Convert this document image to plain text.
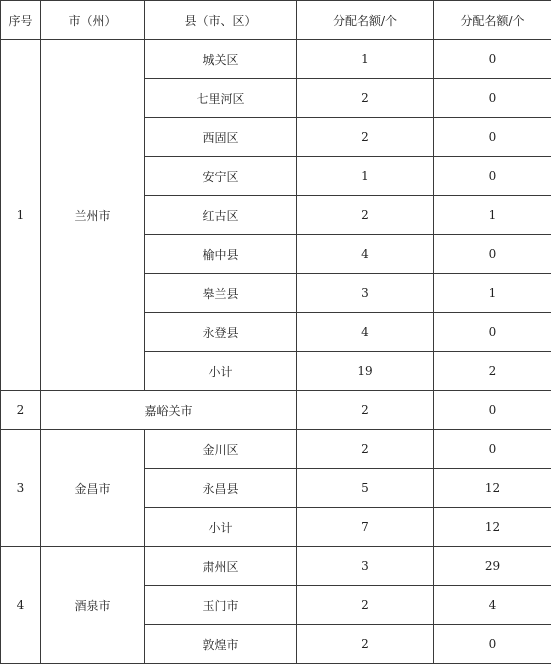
序号	市（州）	县（市、区）	分配名额/个	分配名额/个
1	兰州市	城关区	1	0
		七里河区	2	0
		西固区	2	0
		安宁区	1	0
		红古区	2	1
		榆中县	4	0
		皋兰县	3	1
		永登县	4	0
		小计	19	2
2	嘉峪关市		2	0
3	金昌市	金川区	2	0
		永昌县	5	12
		小计	7	12
4	酒泉市	肃州区	3	29
		玉门市	2	4
		敦煌市	2	0
